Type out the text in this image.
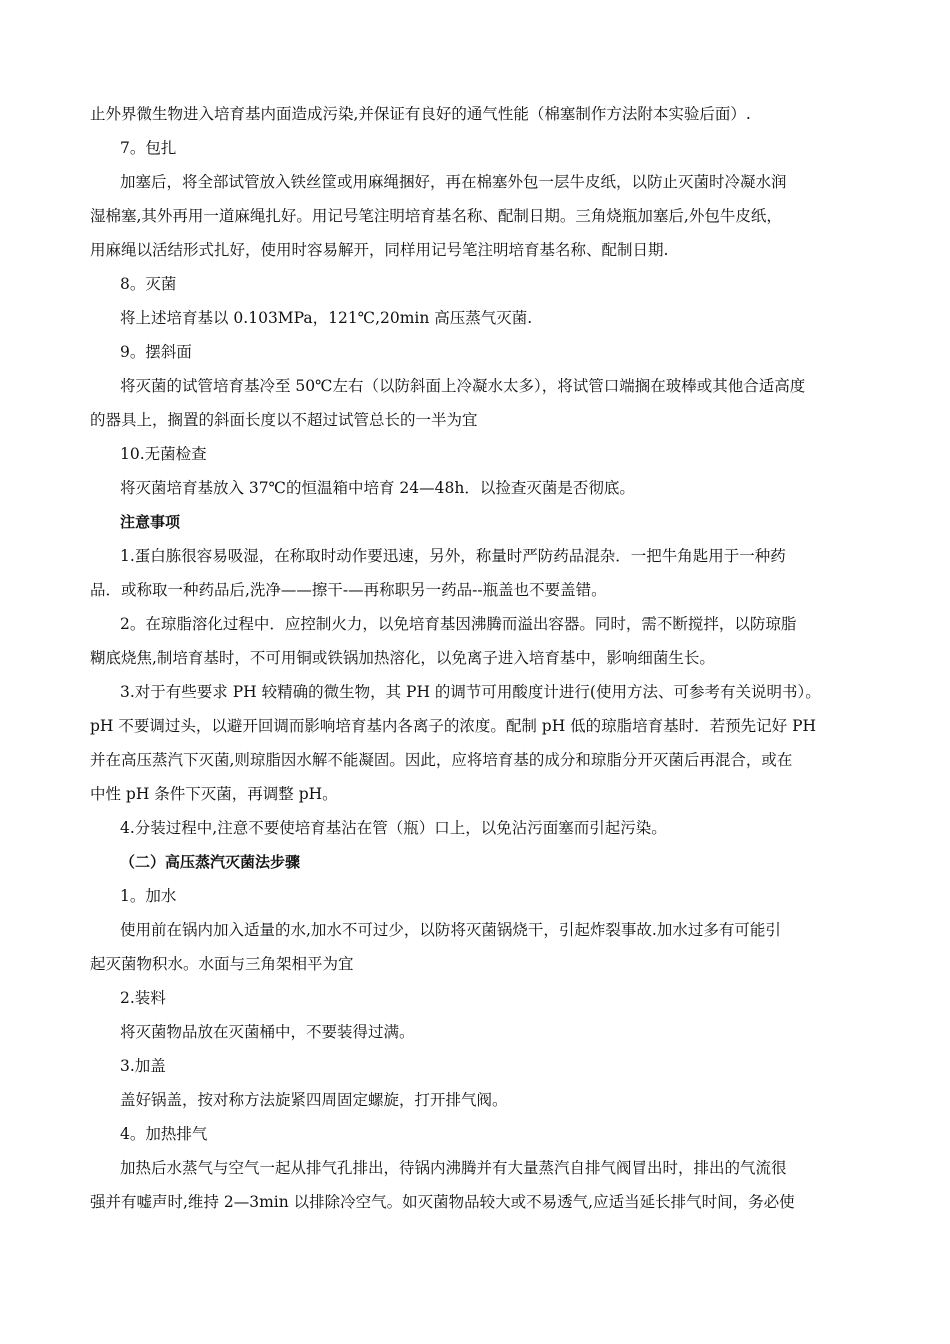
止外界微生物进入培育基内面造成污染,并保证有良好的通气性能（棉塞制作方法附本实验后面）.
7。包扎
加塞后，将全部试管放入铁丝筐或用麻绳捆好，再在棉塞外包一层牛皮纸，以防止灭菌时冷凝水润
湿棉塞,其外再用一道麻绳扎好。用记号笔注明培育基名称、配制日期。三角烧瓶加塞后,外包牛皮纸，
用麻绳以活结形式扎好，使用时容易解开，同样用记号笔注明培育基名称、配制日期.
8。灭菌
将上述培育基以 0.103MPa，121℃,20min 高压蒸气灭菌.
9。摆斜面
将灭菌的试管培育基冷至 50℃左右（以防斜面上冷凝水太多），将试管口端搁在玻棒或其他合适高度
的器具上，搁置的斜面长度以不超过试管总长的一半为宜
10.无菌检查
将灭菌培育基放入 37℃的恒温箱中培育 24—48h．以捡查灭菌是否彻底。
注意事项
1.蛋白胨很容易吸湿，在称取时动作要迅速，另外，称量时严防药品混杂．一把牛角匙用于一种药
品．或称取一种药品后,洗净——擦干-—再称职另一药品--瓶盖也不要盖错。
2。在琼脂溶化过程中．应控制火力，以免培育基因沸腾而溢出容器。同时，需不断搅拌，以防琼脂
糊底烧焦,制培育基时，不可用铜或铁锅加热溶化，以免离子进入培育基中，影响细菌生长。
3.对于有些要求 PH 较精确的微生物，其 PH 的调节可用酸度计进行(使用方法、可参考有关说明书）。
pH 不要调过头，以避开回调而影响培育基内各离子的浓度。配制 pH 低的琼脂培育基时．若预先记好 PH
并在高压蒸汽下灭菌,则琼脂因水解不能凝固。因此，应将培育基的成分和琼脂分开灭菌后再混合，或在
中性 pH 条件下灭菌，再调整 pH。
4.分装过程中,注意不要使培育基沾在管（瓶）口上，以免沾污面塞而引起污染。
（二）高压蒸汽灭菌法步骤
1。加水
使用前在锅内加入适量的水,加水不可过少，以防将灭菌锅烧干，引起炸裂事故.加水过多有可能引
起灭菌物积水。水面与三角架相平为宜
2.装料
将灭菌物品放在灭菌桶中，不要装得过满。
3.加盖
盖好锅盖，按对称方法旋紧四周固定螺旋，打开排气阀。
4。加热排气
加热后水蒸气与空气一起从排气孔排出，待锅内沸腾并有大量蒸汽自排气阀冒出时，排出的气流很
强并有嘘声时,维持 2—3min 以排除冷空气。如灭菌物品较大或不易透气,应适当延长排气时间，务必使
